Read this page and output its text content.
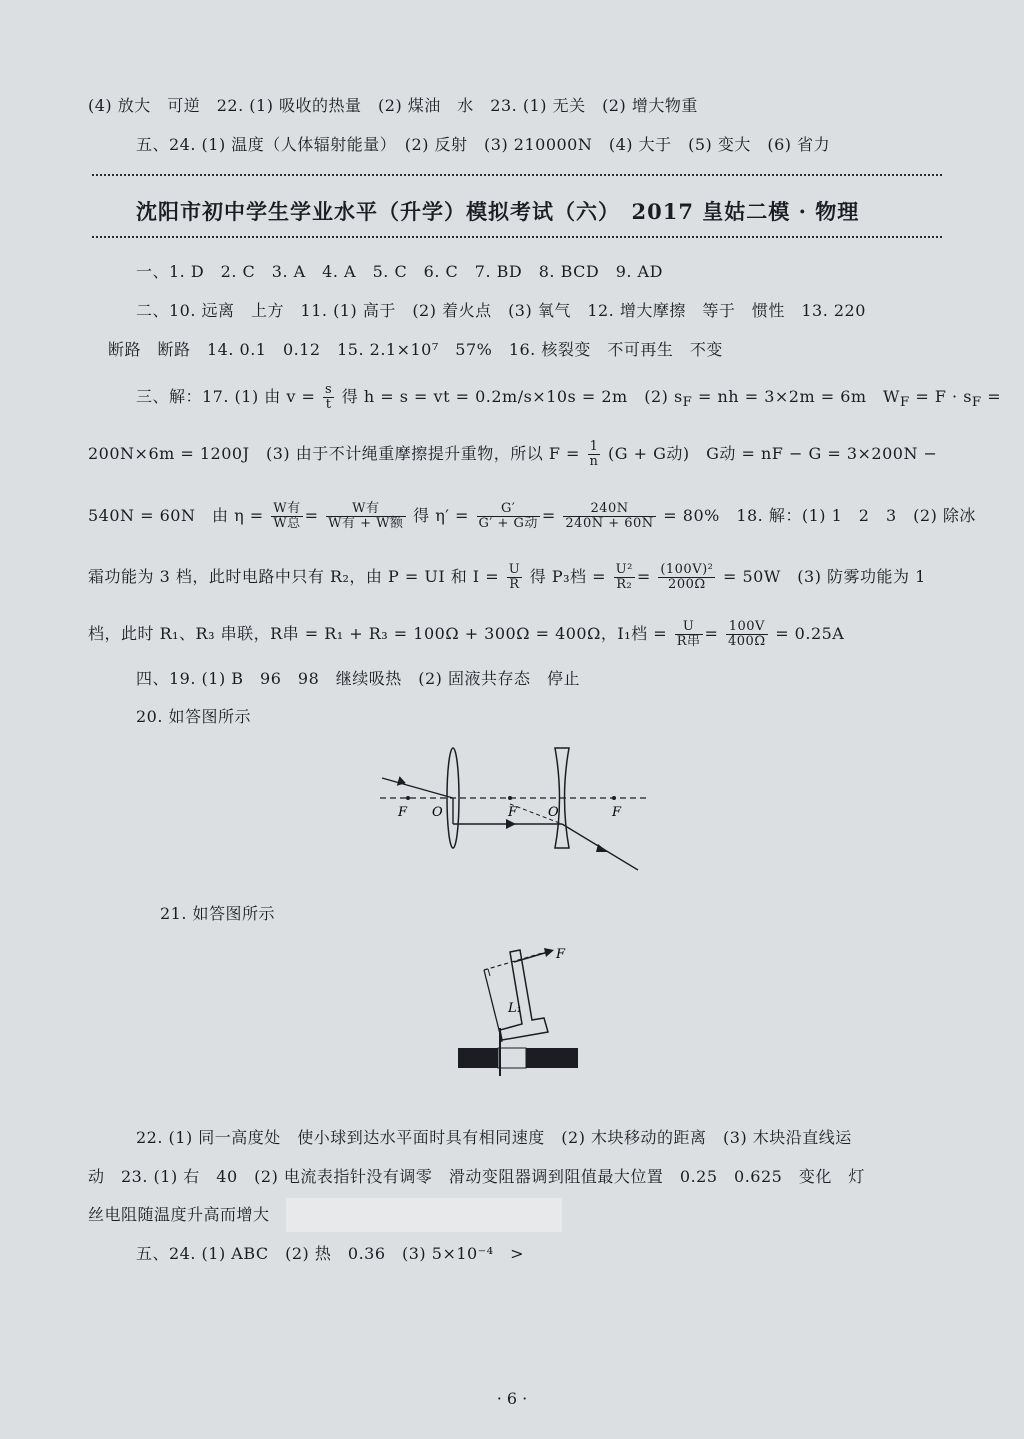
(4) 放大　可逆　22. (1) 吸收的热量　(2) 煤油　水　23. (1) 无关　(2) 增大物重
五、24. (1) 温度（人体辐射能量）　(2) 反射　(3) 210000N　(4) 大于　(5) 变大　(6) 省力
沈阳市初中学生学业水平（升学）模拟考试（六）　2017 皇姑二模 · 物理
一、1. D　2. C　3. A　4. A　5. C　6. C　7. BD　8. BCD　9. AD
二、10. 远离　上方　11. (1) 高于　(2) 着火点　(3) 氧气　12. 增大摩擦　等于　惯性　13. 220
断路　断路　14. 0.1　0.12　15. 2.1×10⁷　57%　16. 核裂变　不可再生　不变
三、解：17. (1) 由 $v = \frac{s}{t}$ 得 h = s = vt = 0.2m/s×10s = 2m　(2) $s_F$ = nh = 3×2m = 6m　$W_F = F \cdot s_F$ =
200N×6m = 1200J　(3) 由于不计绳重摩擦提升重物，所以 $F = \frac{1}{n} (G + G$动)　G动 = nF − G = 3×200N −
540N = 60N　由 $\eta = \frac{\text{W有}}{\text{W总}} = \frac{\text{W有}}{\text{W有 + W额}}$ 得 $\eta' = \frac{G'}{\text{G′ + G动}} = \frac{240N}{240N + 60N} = 80\%$　18. 解：(1) 1　2　3　(2) 除冰
霜功能为 3 档，此时电路中只有 R₂，由 P = UI 和 $I = \frac{U}{R}$ 得 P₃档 = $\frac{\text{U²}}{\text{R₂}} = \frac{\text{(100V)²}}{200\Omega} = 50W$　(3) 防雾功能为 1
档，此时 R₁、R₃ 串联，R串 = R₁ + R₃ = 100Ω + 300Ω = 400Ω，I₁档 = $\frac{U}{\text{R串}} = \frac{100V}{400\Omega} = 0.25A$
四、19. (1) B　96　98　继续吸热　(2) 固液共存态　停止
20. 如答图所示
F O	F O	F
21. 如答图所示
F
L₁
O
22. (1) 同一高度处　使小球到达水平面时具有相同速度　(2) 木块移动的距离　(3) 木块沿直线运
动　23. (1) 右　40　(2) 电流表指针没有调零　滑动变阻器调到阻值最大位置　0.25　0.625　变化　灯
丝电阻随温度升高而增大
五、24. (1) ABC　(2) 热　0.36　(3) 5×10⁻⁴　>
· 6 ·
